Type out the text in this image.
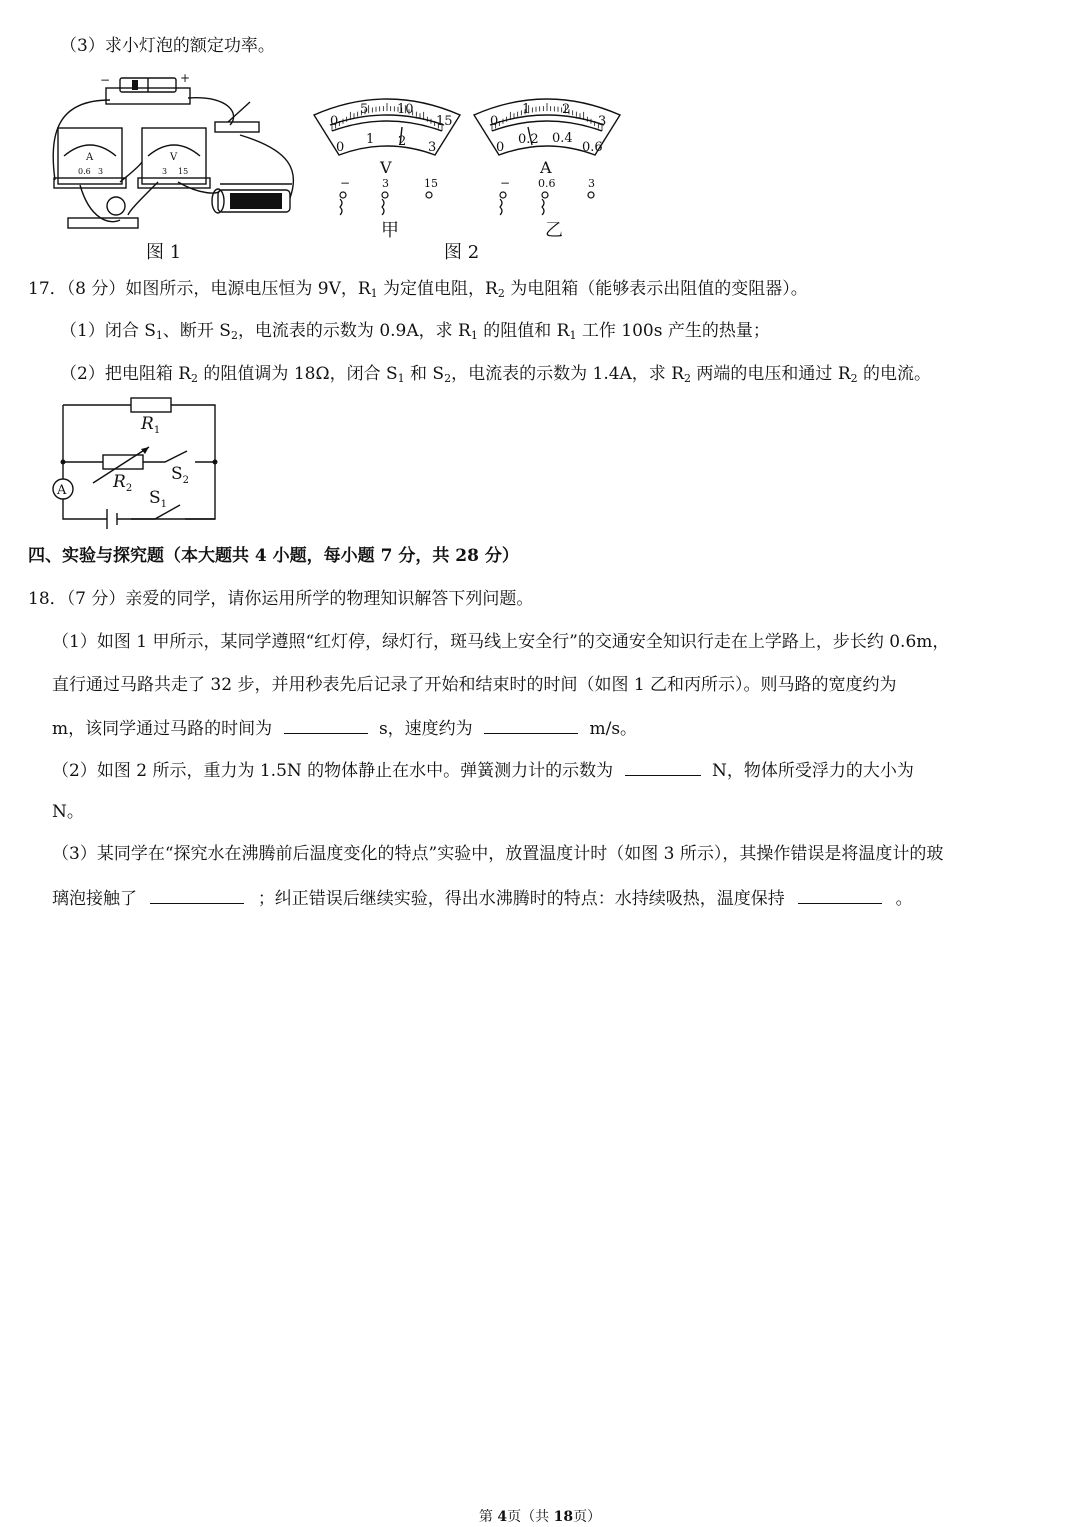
（3）求小灯泡的额定功率。
−	+
A	V
0.6 3	3 15
图 1
0
5 10
15
0
1 2 3
V
−	3	15
0
1 2
3
0
0.2 0.4
0.6
A
−	0.6	3
甲
图 2
乙
17．（8 分）如图所示，电源电压恒为 9V，$R_1$ 为定值电阻，$R_2$ 为电阻箱（能够表示出阻值的变阻器）。
（1）闭合 $S_1$、断开 $S_2$，电流表的示数为 0.9A，求 $R_1$ 的阻值和 $R_1$ 工作 100s 产生的热量；
（2）把电阻箱 $R_2$ 的阻值调为 18Ω，闭合 $S_1$ 和 $S_2$，电流表的示数为 1.4A，求 $R_2$ 两端的电压和通过 $R_2$ 的电流。
A
$R_1$
$R_2$
$S_2$
$S_1$
四、实验与探究题（本大题共 4 小题，每小题 7 分，共 28 分）
18．（7 分）亲爱的同学，请你运用所学的物理知识解答下列问题。
（1）如图 1 甲所示，某同学遵照“红灯停，绿灯行，斑马线上安全行”的交通安全知识行走在上学路上，步长约 0.6m，
直行通过马路共走了 32 步，并用秒表先后记录了开始和结束时的时间（如图 1 乙和丙所示）。则马路的宽度约为
m，该同学通过马路的时间为	s，速度约为	m/s。
（2）如图 2 所示，重力为 1.5N 的物体静止在水中。弹簧测力计的示数为	N，物体所受浮力的大小为
N。
（3）某同学在“探究水在沸腾前后温度变化的特点”实验中，放置温度计时（如图 3 所示），其操作错误是将温度计的玻
璃泡接触了	；纠正错误后继续实验，得出水沸腾时的特点：水持续吸热，温度保持	。
第 4页（共 18页）
